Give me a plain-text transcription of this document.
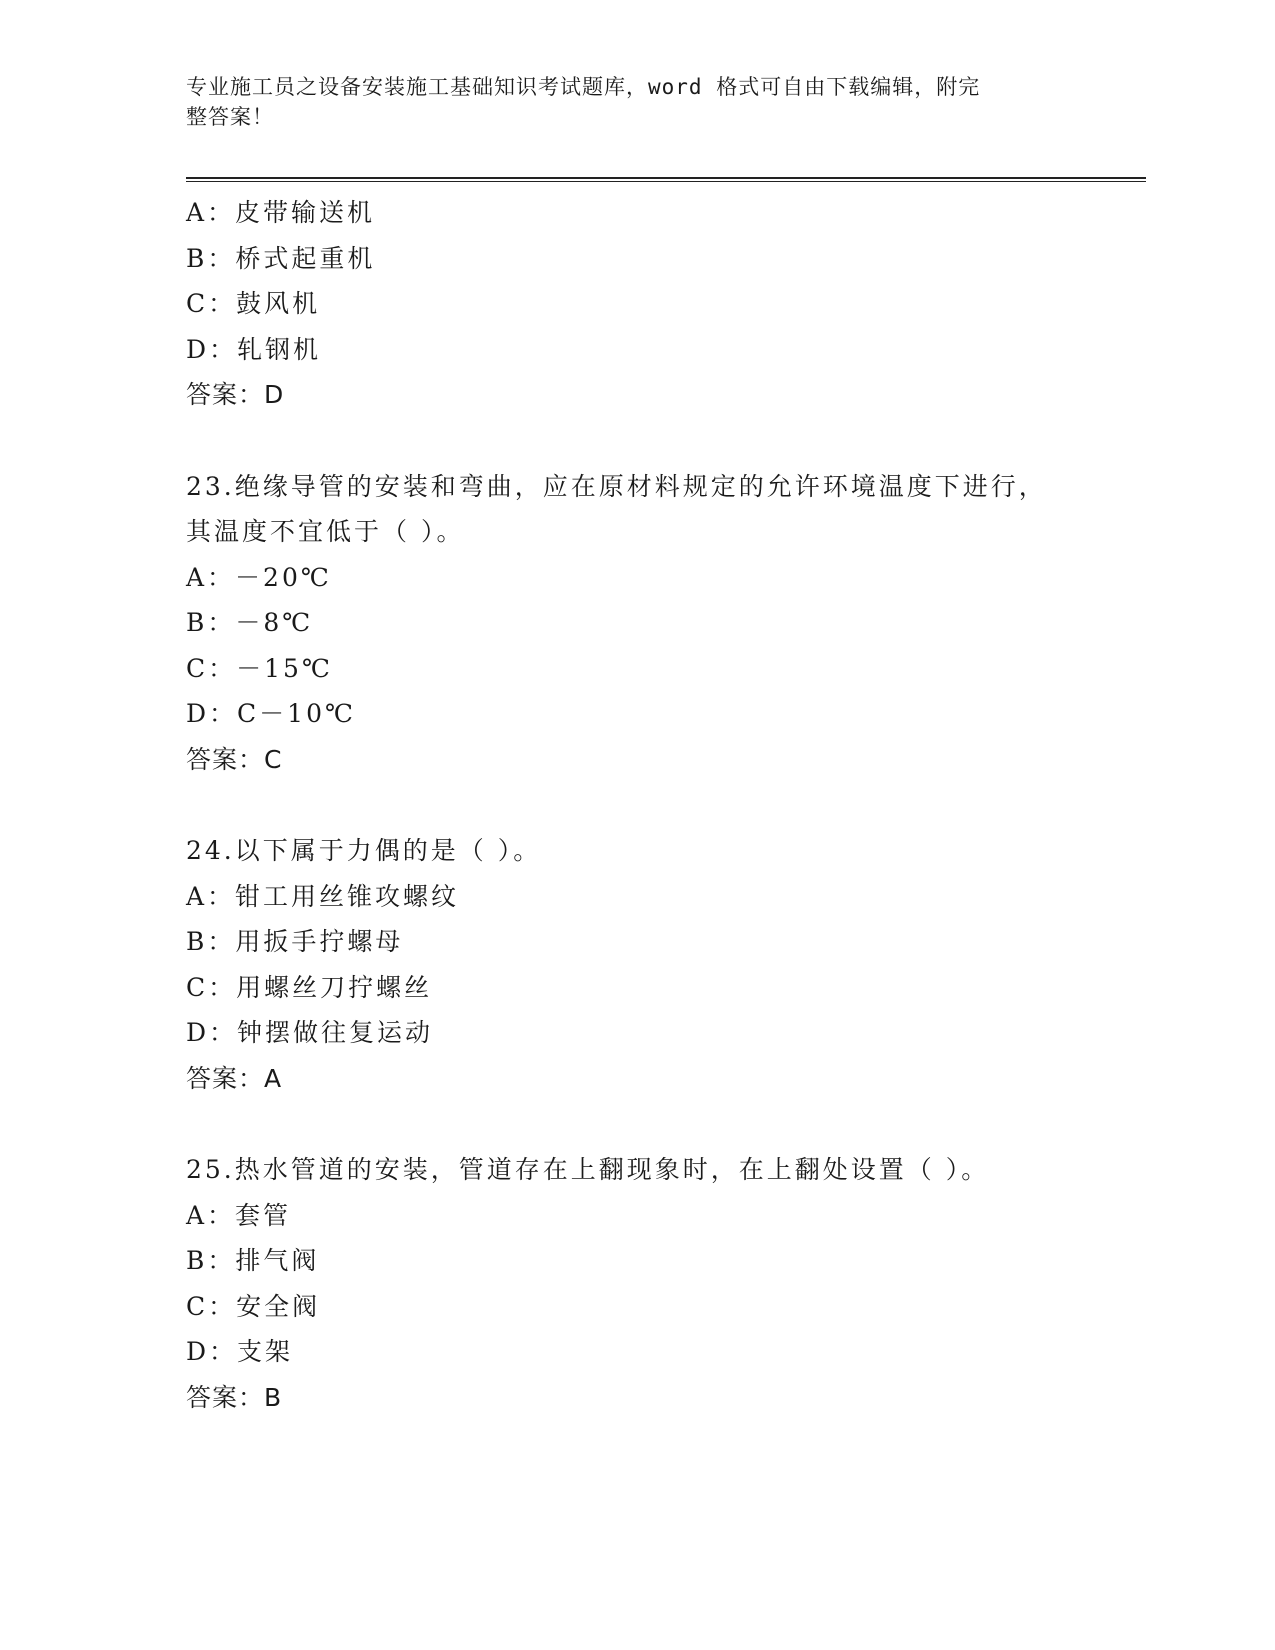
专业施工员之设备安装施工基础知识考试题库，word 格式可自由下载编辑，附完
整答案！
A：皮带输送机
B：桥式起重机
C：鼓风机
D：轧钢机
答案：D
23.绝缘导管的安装和弯曲，应在原材料规定的允许环境温度下进行，
其温度不宜低于（ ）。
A：－20℃
B：－8℃
C：－15℃
D：C－10℃
答案：C
24.以下属于力偶的是（ ）。
A：钳工用丝锥攻螺纹
B：用扳手拧螺母
C：用螺丝刀拧螺丝
D：钟摆做往复运动
答案：A
25.热水管道的安装，管道存在上翻现象时，在上翻处设置（ ）。
A：套管
B：排气阀
C：安全阀
D：支架
答案：B
